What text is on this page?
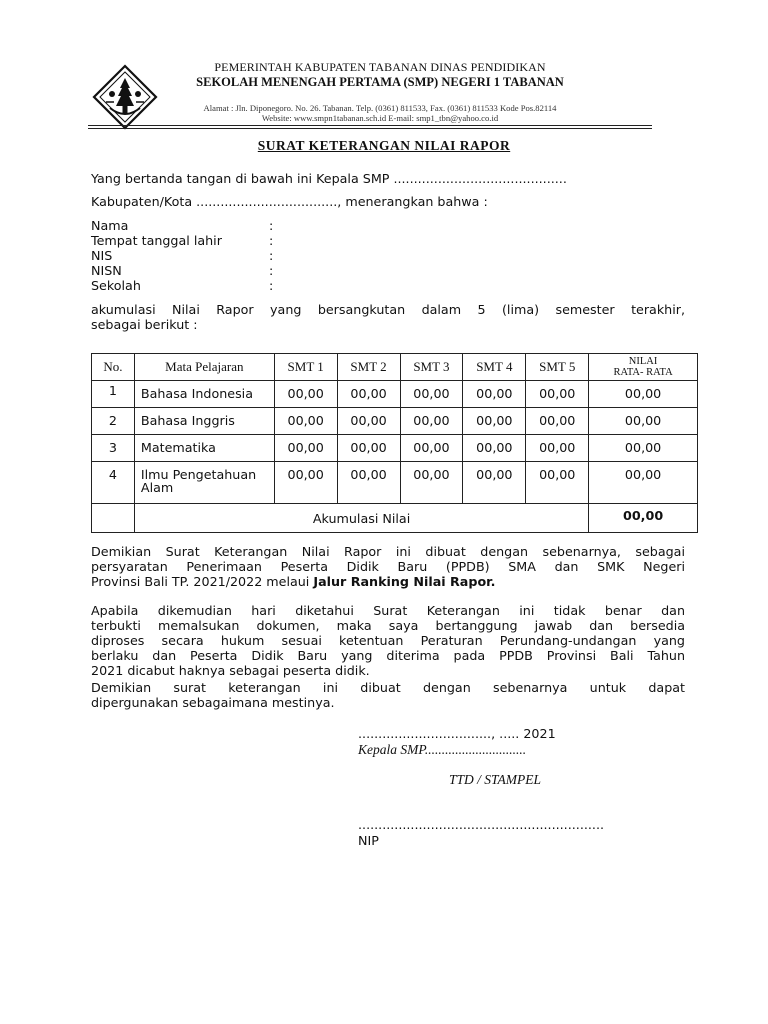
PEMERINTAH KABUPATEN TABANAN DINAS PENDIDIKAN
SEKOLAH MENENGAH PERTAMA (SMP) NEGERI 1 TABANAN
Alamat : Jln. Diponegoro. No. 26. Tabanan. Telp. (0361) 811533, Fax. (0361) 811533 Kode Pos.82114
Website: www.smpn1tabanan.sch.id E-mail: smp1_tbn@yahoo.co.id
SURAT KETERANGAN NILAI RAPOR
Yang bertanda tangan di bawah ini Kepala SMP ...........................................
Kabupaten/Kota ..................................., menerangkan bahwa :
Nama	:
Tempat tanggal lahir	:
NIS	:
NISN	:
Sekolah	:
akumulasi Nilai Rapor yang bersangkutan dalam 5 (lima) semester terakhir,
sebagai berikut :
No.	Mata Pelajaran	SMT 1	SMT 2	SMT 3	SMT 4	SMT 5	NILAI
RATA- RATA

1	Bahasa Indonesia	00,00	00,00	00,00	00,00	00,00	00,00
2	Bahasa Inggris	00,00	00,00	00,00	00,00	00,00	00,00
3	Matematika	00,00	00,00	00,00	00,00	00,00	00,00
4	Ilmu Pengetahuan
Alam	00,00	00,00	00,00	00,00	00,00	00,00
	Akumulasi Nilai						00,00
Demikian Surat Keterangan Nilai Rapor ini dibuat dengan sebenarnya, sebagai
persyaratan Penerimaan Peserta Didik Baru (PPDB) SMA dan SMK Negeri
Provinsi Bali TP. 2021/2022 melaui Jalur Ranking Nilai Rapor.
Apabila dikemudian hari diketahui Surat Keterangan ini tidak benar dan
terbukti memalsukan dokumen, maka saya bertanggung jawab dan bersedia
diproses secara hukum sesuai ketentuan Peraturan Perundang-undangan yang
berlaku dan Peserta Didik Baru yang diterima pada PPDB Provinsi Bali Tahun
2021 dicabut haknya sebagai peserta didik.
Demikian surat keterangan ini dibuat dengan sebenarnya untuk dapat
dipergunakan sebagaimana mestinya.
................................., ..... 2021
Kepala SMP..............................
TTD / STAMPEL
.............................................................
NIP
